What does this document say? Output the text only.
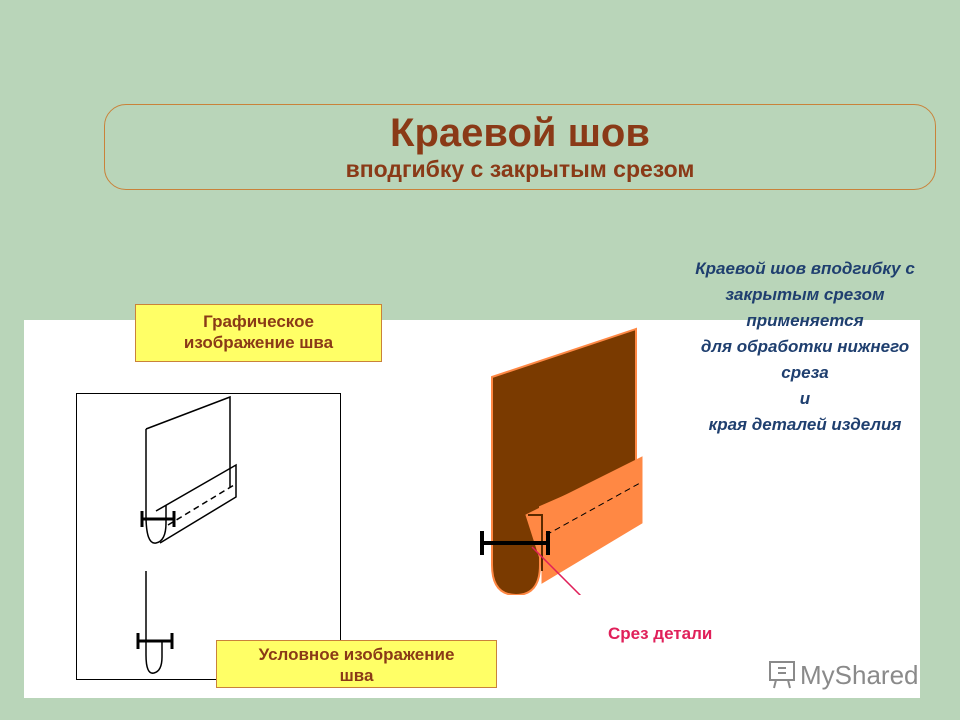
Краевой шов
вподгибку с закрытым срезом
Графическое
изображение шва
Условное изображение
шва
Срез детали

Краевой шов вподгибку с
закрытым срезом
применяется
для обработки нижнего
среза
и
края деталей изделия

MyShared
